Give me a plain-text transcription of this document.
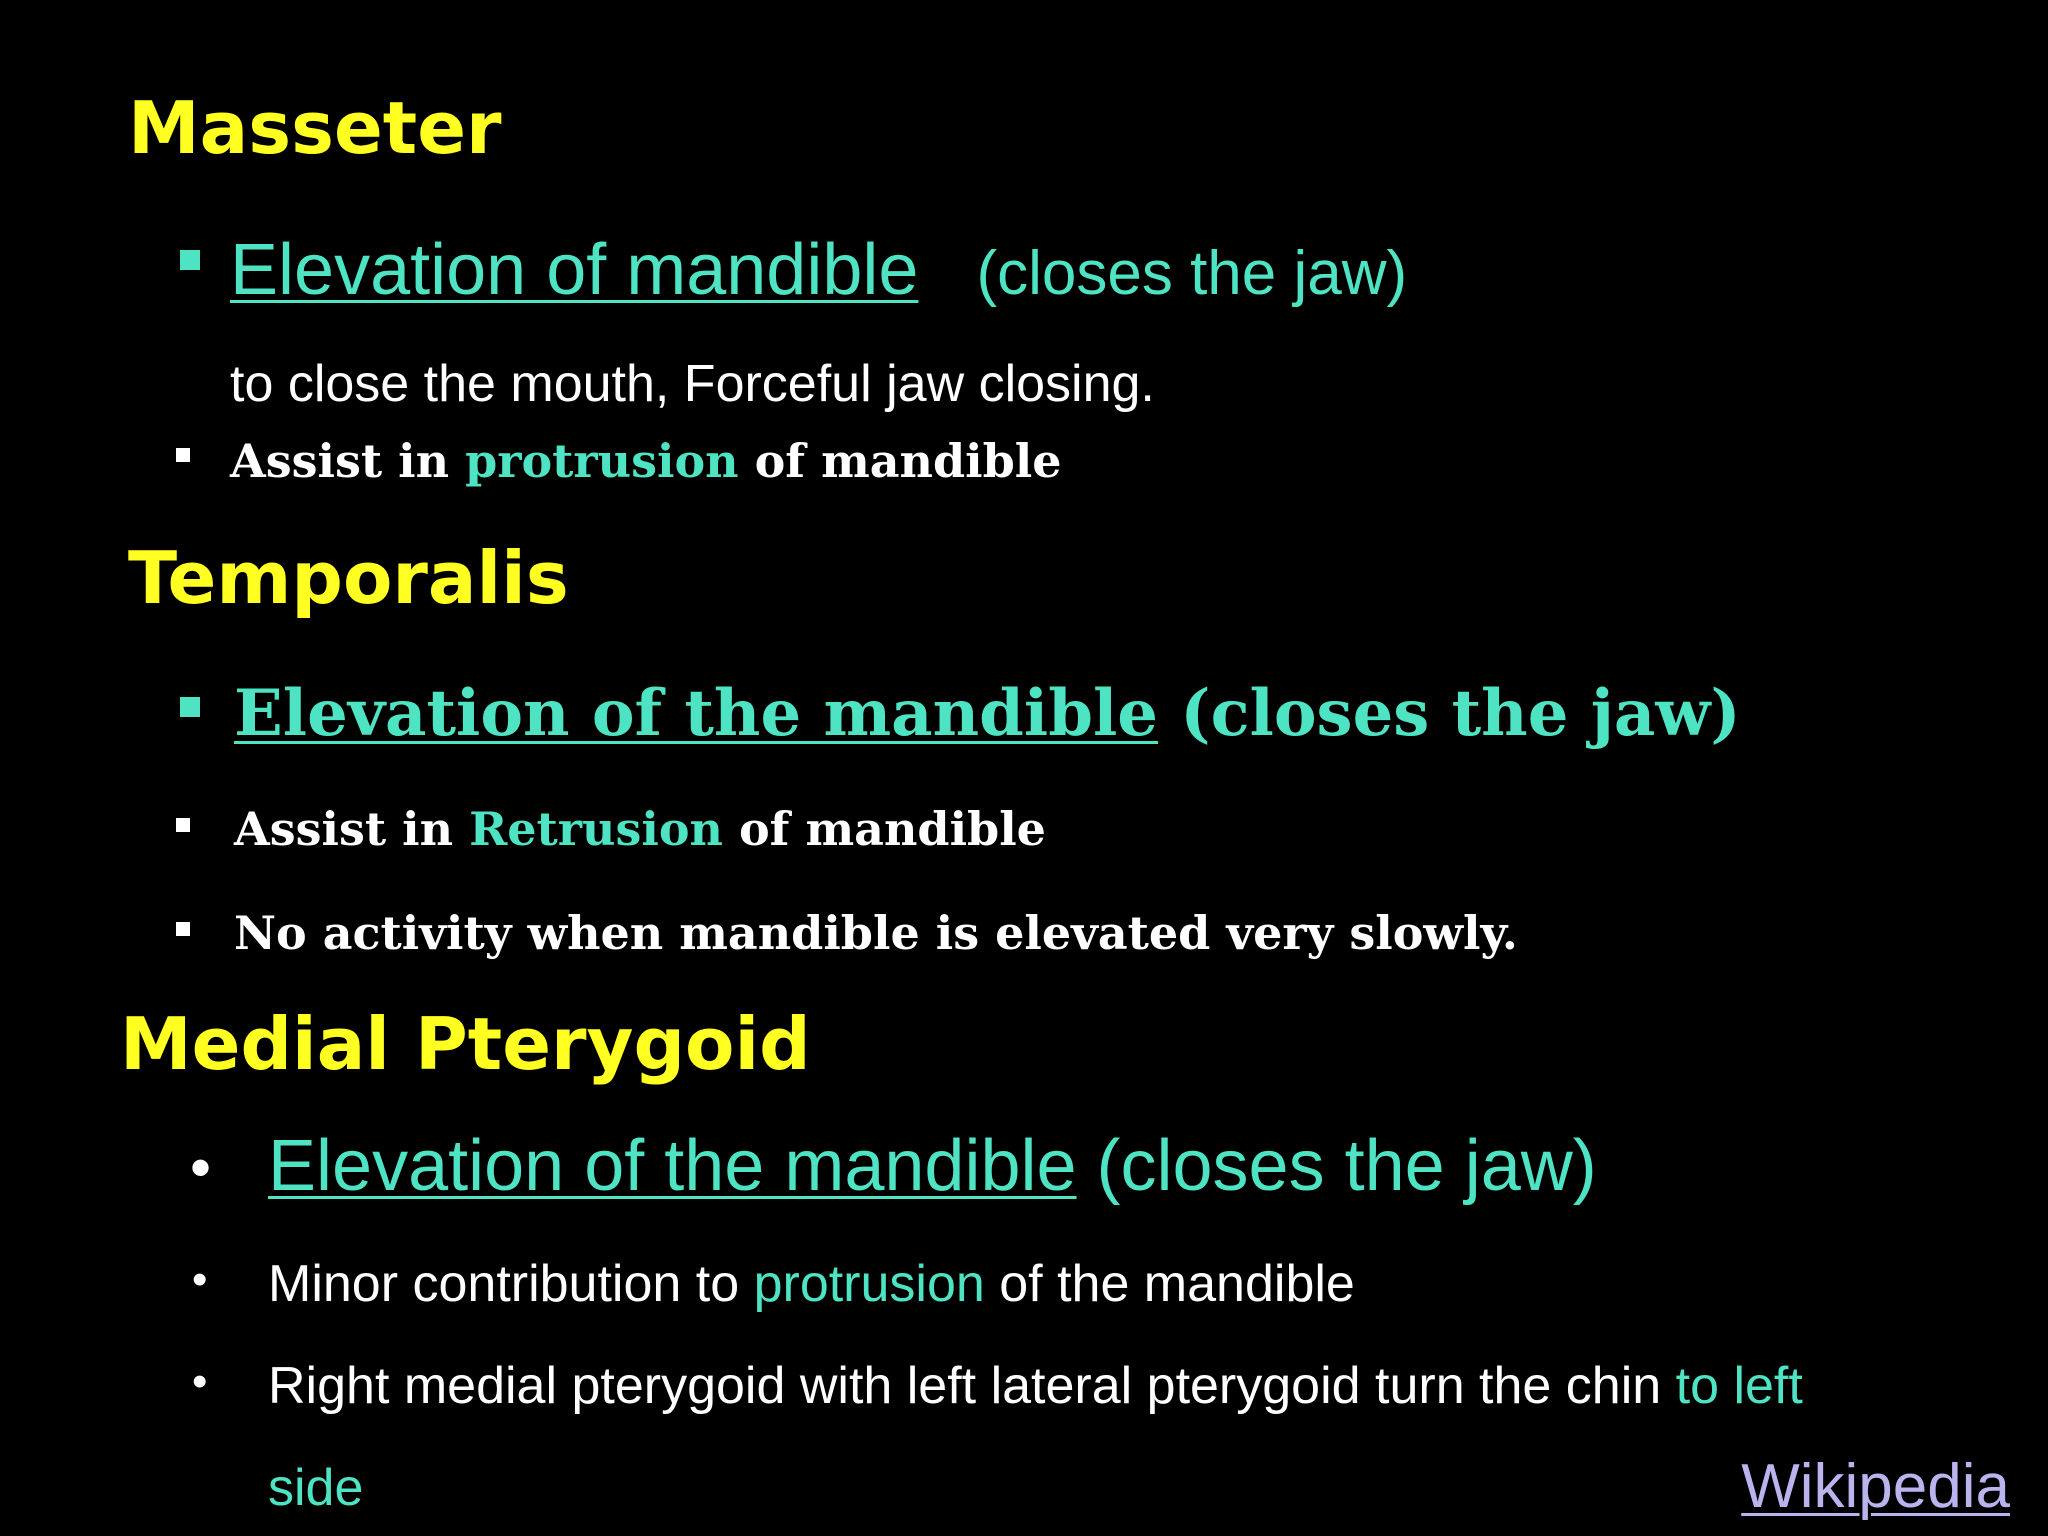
Masseter
Elevation of mandible (closes the jaw)
to close the mouth, Forceful jaw closing.
Assist in protrusion of mandible
Temporalis
Elevation of the mandible (closes the jaw)
Assist in Retrusion of mandible
No activity when mandible is elevated very slowly.
Medial Pterygoid
• Elevation of the mandible (closes the jaw)
• Minor contribution to protrusion of the mandible
• Right medial pterygoid with left lateral pterygoid turn the chin to left
side	Wikipedia
